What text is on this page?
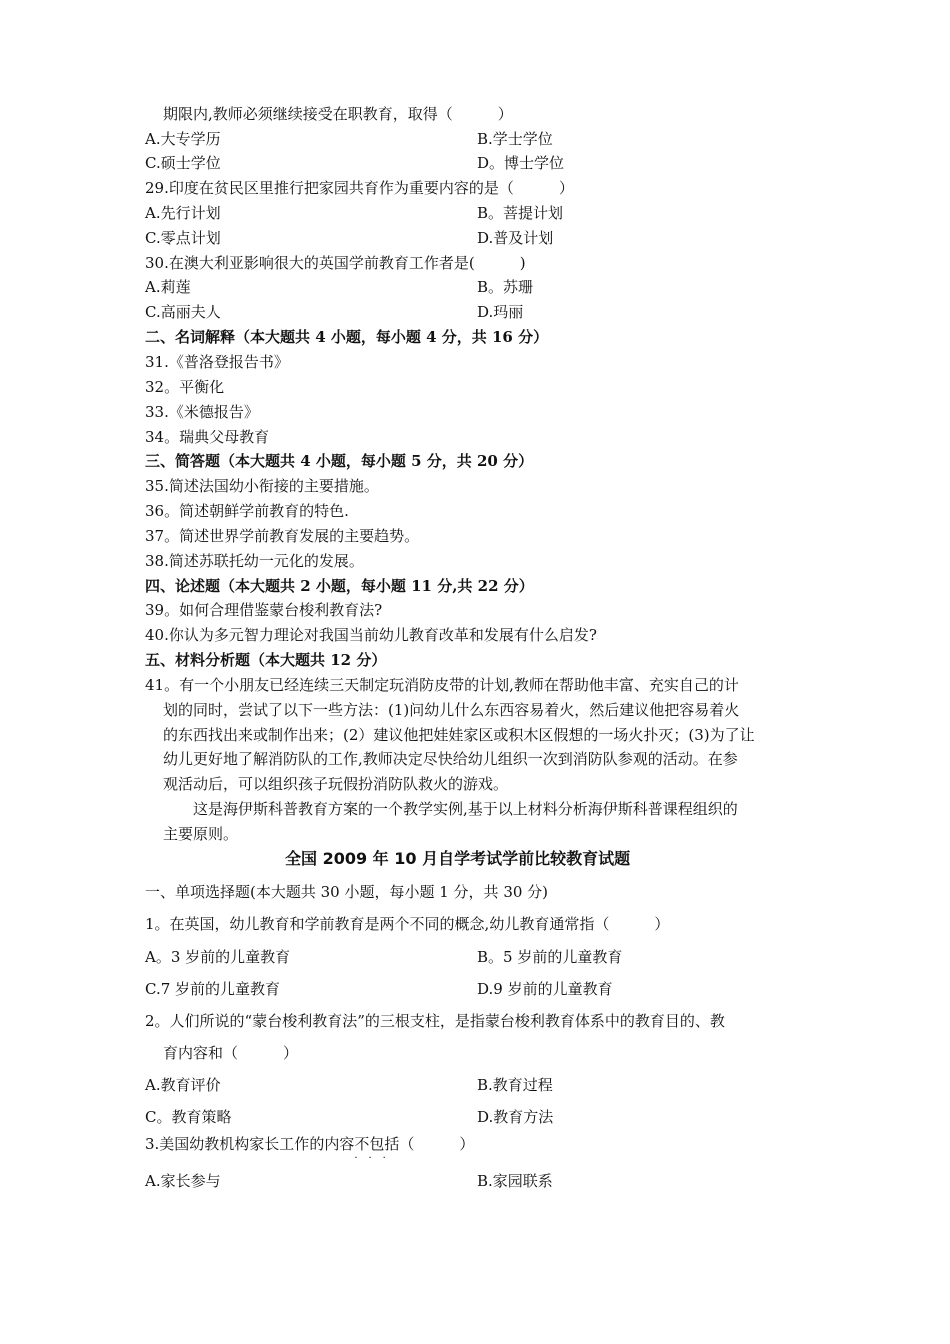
期限内,教师必须继续接受在职教育，取得（　　　）
A.大专学历	B.学士学位
C.硕士学位	D。博士学位
29.印度在贫民区里推行把家园共育作为重要内容的是（　　　）
A.先行计划	B。菩提计划
C.零点计划	D.普及计划
30.在澳大利亚影响很大的英国学前教育工作者是(　　　)
A.莉莲	B。苏珊
C.高丽夫人	D.玛丽
二、名词解释（本大题共 4 小题，每小题 4 分，共 16 分）
31.《普洛登报告书》
32。平衡化
33.《米德报告》
34。瑞典父母教育
三、简答题（本大题共 4 小题，每小题 5 分，共 20 分）
35.简述法国幼小衔接的主要措施。
36。简述朝鲜学前教育的特色.
37。简述世界学前教育发展的主要趋势。
38.简述苏联托幼一元化的发展。
四、论述题（本大题共 2 小题，每小题 11 分,共 22 分）
39。如何合理借鉴蒙台梭利教育法?
40.你认为多元智力理论对我国当前幼儿教育改革和发展有什么启发?
五、材料分析题（本大题共 12 分）
41。有一个小朋友已经连续三天制定玩消防皮带的计划,教师在帮助他丰富、充实自己的计
划的同时，尝试了以下一些方法：(1)问幼儿什么东西容易着火，然后建议他把容易着火
的东西找出来或制作出来；(2）建议他把娃娃家区或积木区假想的一场火扑灭；(3)为了让
幼儿更好地了解消防队的工作,教师决定尽快给幼儿组织一次到消防队参观的活动。在参
观活动后，可以组织孩子玩假扮消防队救火的游戏。
这是海伊斯科普教育方案的一个教学实例,基于以上材料分析海伊斯科普课程组织的
主要原则。
全国 2009 年 10 月自学考试学前比较教育试题
一、单项选择题(本大题共 30 小题，每小题 1 分，共 30 分)
1。在英国，幼儿教育和学前教育是两个不同的概念,幼儿教育通常指（　　　）
A。3 岁前的儿童教育	B。5 岁前的儿童教育
C.7 岁前的儿童教育	D.9 岁前的儿童教育
2。人们所说的“蒙台梭利教育法”的三根支柱，是指蒙台梭利教育体系中的教育目的、教
育内容和（　　　）
A.教育评价	B.教育过程
C。教育策略	D.教育方法
3.美国幼教机构家长工作的内容不包括
···
（　　　）
A.家长参与	B.家园联系
